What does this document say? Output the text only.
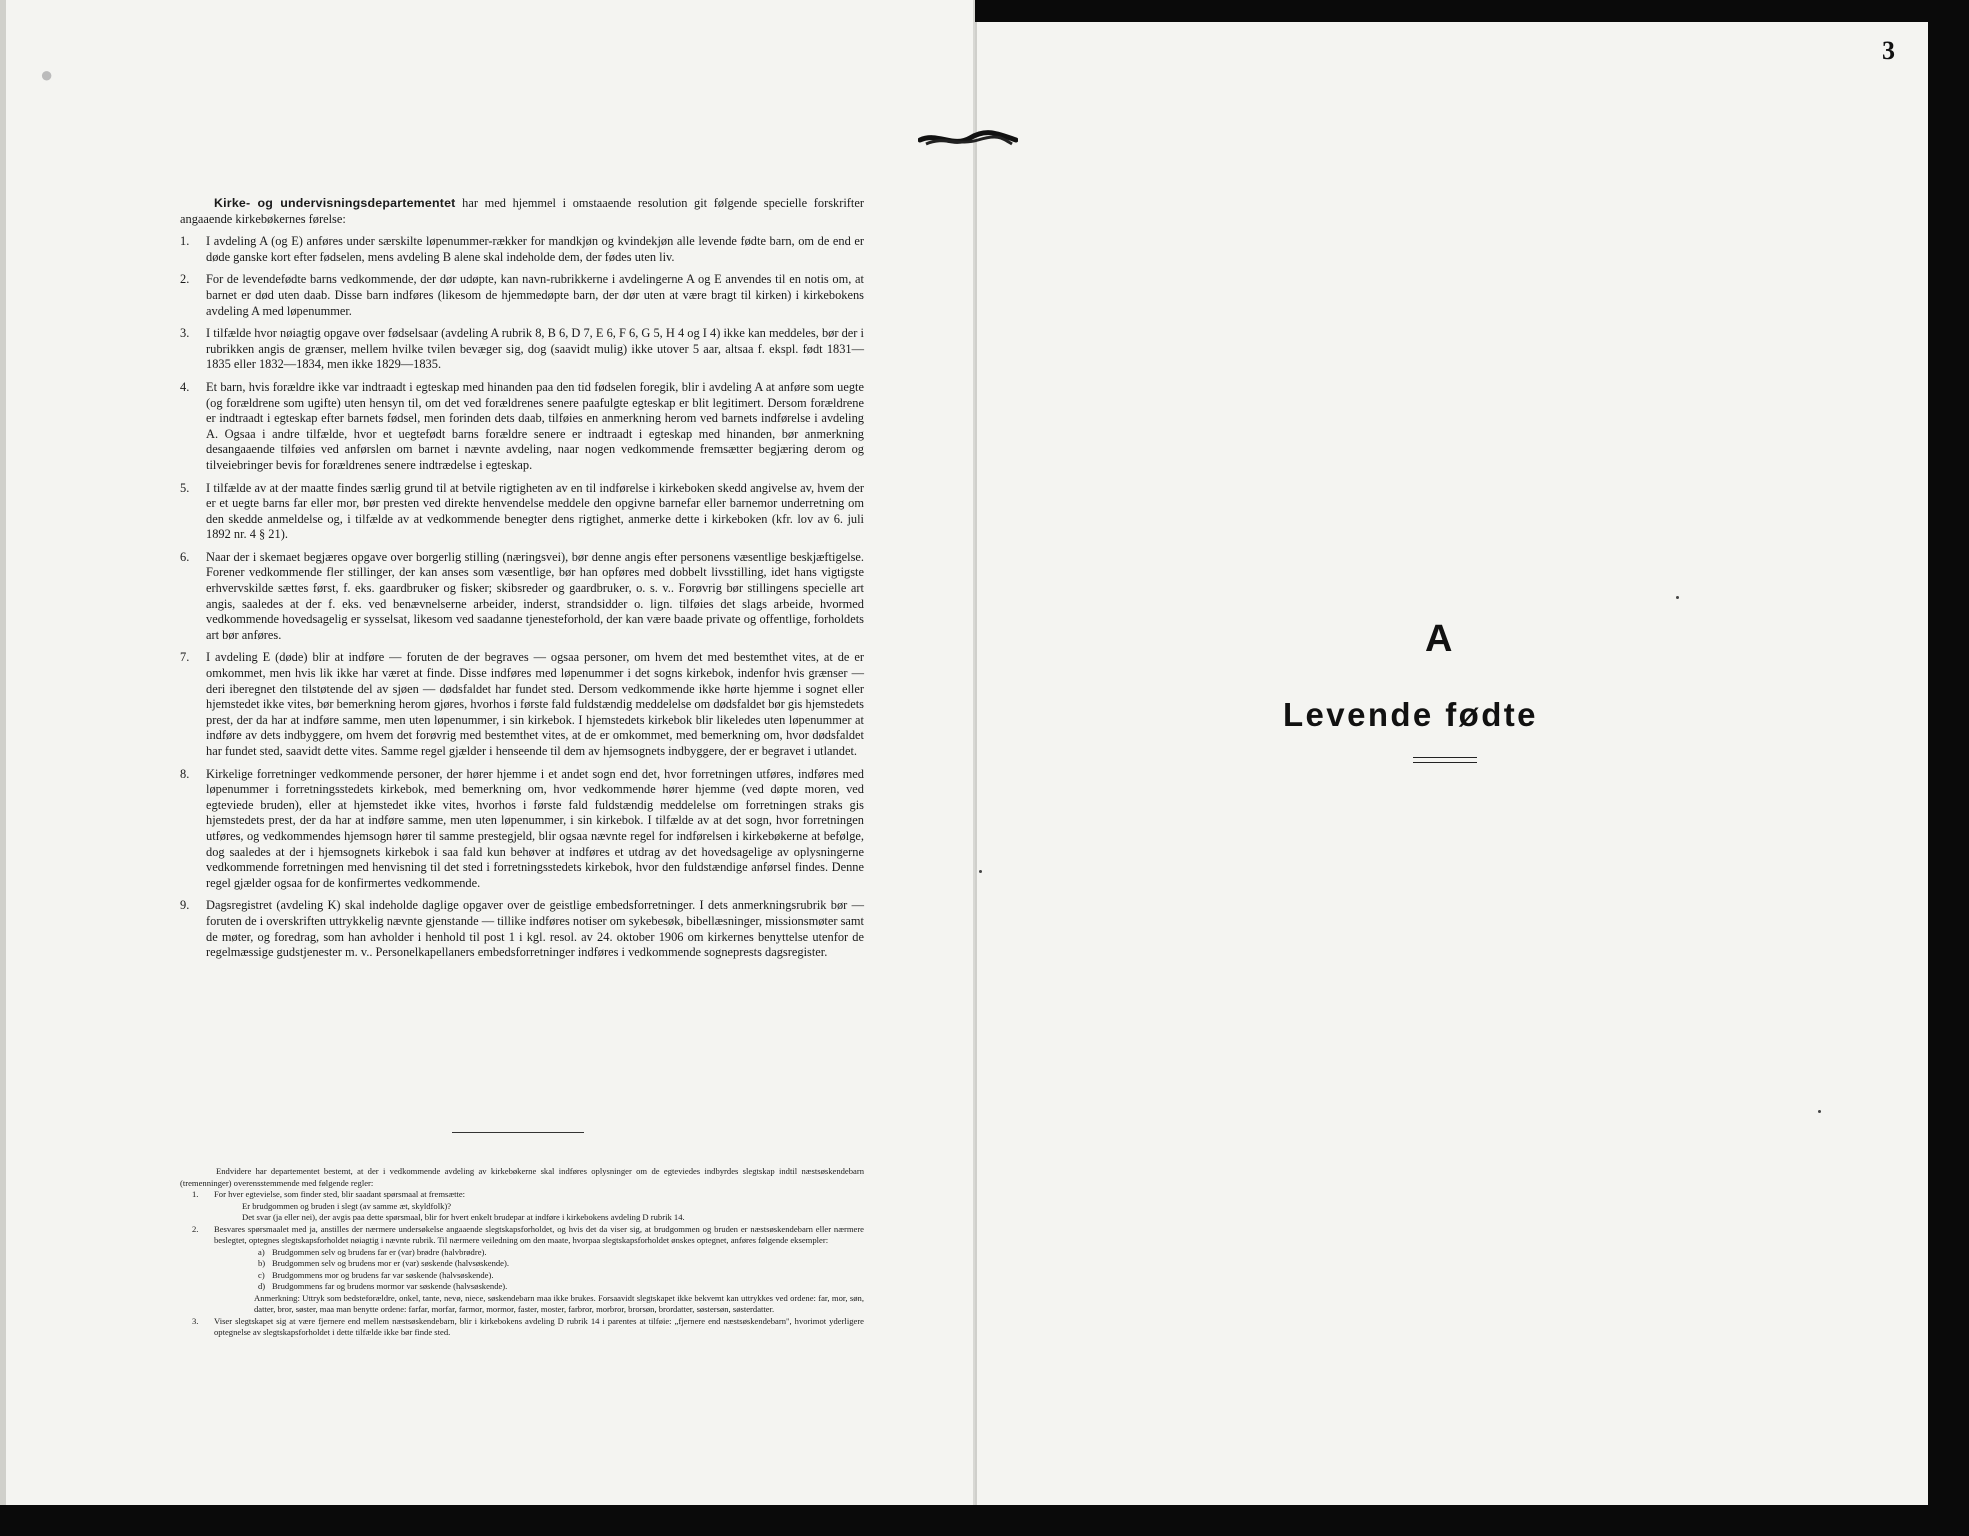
●
3

Kirke- og undervisningsdepartementet har med hjemmel i omstaaende resolution git følgende specielle forskrifter angaaende kirkebøkernes førelse:

1.	I avdeling A (og E) anføres under særskilte løpenummer-rækker for mandkjøn og kvindekjøn alle levende fødte barn, om de end er døde ganske kort efter fødselen, mens avdeling B alene skal indeholde dem, der fødes uten liv.
2.	For de levendefødte barns vedkommende, der dør udøpte, kan navn-rubrikkerne i avdelingerne A og E anvendes til en notis om, at barnet er død uten daab. Disse barn indføres (likesom de hjemmedøpte barn, der dør uten at være bragt til kirken) i kirkebokens avdeling A med løpenummer.
3.	I tilfælde hvor nøiagtig opgave over fødselsaar (avdeling A rubrik 8, B 6, D 7, E 6, F 6, G 5, H 4 og I 4) ikke kan meddeles, bør der i rubrikken angis de grænser, mellem hvilke tvilen bevæger sig, dog (saavidt mulig) ikke utover 5 aar, altsaa f. ekspl. født 1831—1835 eller 1832—1834, men ikke 1829—1835.
4.	Et barn, hvis forældre ikke var indtraadt i egteskap med hinanden paa den tid fødselen foregik, blir i avdeling A at anføre som uegte (og forældrene som ugifte) uten hensyn til, om det ved forældrenes senere paafulgte egteskap er blit legitimert. Dersom forældrene er indtraadt i egteskap efter barnets fødsel, men forinden dets daab, tilføies en anmerkning herom ved barnets indførelse i avdeling A. Ogsaa i andre tilfælde, hvor et uegtefødt barns forældre senere er indtraadt i egteskap med hinanden, bør anmerkning desangaaende tilføies ved anførslen om barnet i nævnte avdeling, naar nogen vedkommende fremsætter begjæring derom og tilveiebringer bevis for forældrenes senere indtrædelse i egteskap.
5.	I tilfælde av at der maatte findes særlig grund til at betvile rigtigheten av en til indførelse i kirkeboken skedd angivelse av, hvem der er et uegte barns far eller mor, bør presten ved direkte henvendelse meddele den opgivne barnefar eller barnemor underretning om den skedde anmeldelse og, i tilfælde av at vedkommende benegter dens rigtighet, anmerke dette i kirkeboken (kfr. lov av 6. juli 1892 nr. 4 § 21).
6.	Naar der i skemaet begjæres opgave over borgerlig stilling (næringsvei), bør denne angis efter personens væsentlige beskjæftigelse. Forener vedkommende fler stillinger, der kan anses som væsentlige, bør han opføres med dobbelt livsstilling, idet hans vigtigste erhvervskilde sættes først, f. eks. gaardbruker og fisker; skibsreder og gaardbruker, o. s. v.. Forøvrig bør stillingens specielle art angis, saaledes at der f. eks. ved benævnelserne arbeider, inderst, strandsidder o. lign. tilføies det slags arbeide, hvormed vedkommende hovedsagelig er sysselsat, likesom ved saadanne tjenesteforhold, der kan være baade private og offentlige, forholdets art bør anføres.
7.	I avdeling E (døde) blir at indføre — foruten de der begraves — ogsaa personer, om hvem det med bestemthet vites, at de er omkommet, men hvis lik ikke har været at finde. Disse indføres med løpenummer i det sogns kirkebok, indenfor hvis grænser — deri iberegnet den tilstøtende del av sjøen — dødsfaldet har fundet sted. Dersom vedkommende ikke hørte hjemme i sognet eller hjemstedet ikke vites, bør bemerkning herom gjøres, hvorhos i første fald fuldstændig meddelelse om dødsfaldet bør gis hjemstedets prest, der da har at indføre samme, men uten løpenummer, i sin kirkebok. I hjemstedets kirkebok blir likeledes uten løpenummer at indføre av dets indbyggere, om hvem det forøvrig med bestemthet vites, at de er omkommet, med bemerkning om, hvor dødsfaldet har fundet sted, saavidt dette vites. Samme regel gjælder i henseende til dem av hjemsognets indbyggere, der er begravet i utlandet.
8.	Kirkelige forretninger vedkommende personer, der hører hjemme i et andet sogn end det, hvor forretningen utføres, indføres med løpenummer i forretningsstedets kirkebok, med bemerkning om, hvor vedkommende hører hjemme (ved døpte moren, ved egteviede bruden), eller at hjemstedet ikke vites, hvorhos i første fald fuldstændig meddelelse om forretningen straks gis hjemstedets prest, der da har at indføre samme, men uten løpenummer, i sin kirkebok. I tilfælde av at det sogn, hvor forretningen utføres, og vedkommendes hjemsogn hører til samme prestegjeld, blir ogsaa nævnte regel for indførelsen i kirkebøkerne at befølge, dog saaledes at der i hjemsognets kirkebok i saa fald kun behøver at indføres et utdrag av det hovedsagelige av oplysningerne vedkommende forretningen med henvisning til det sted i forretningsstedets kirkebok, hvor den fuldstændige anførsel findes. Denne regel gjælder ogsaa for de konfirmertes vedkommende.
9.	Dagsregistret (avdeling K) skal indeholde daglige opgaver over de geistlige embedsforretninger. I dets anmerkningsrubrik bør — foruten de i overskriften uttrykkelig nævnte gjenstande — tillike indføres notiser om sykebesøk, bibellæsninger, missionsmøter samt de møter, og foredrag, som han avholder i henhold til post 1 i kgl. resol. av 24. oktober 1906 om kirkernes benyttelse utenfor de regelmæssige gudstjenester m. v.. Personelkapellaners embedsforretninger indføres i vedkommende sogneprests dagsregister.

Endvidere har departementet bestemt, at der i vedkommende avdeling av kirkebøkerne skal indføres oplysninger om de egteviedes indbyrdes slegtskap indtil næstsøskendebarn (tremenninger) overensstemmende med følgende regler:

1.	For hver egtevielse, som finder sted, blir saadant spørsmaal at fremsætte:

Er brudgommen og bruden i slegt (av samme æt, skyldfolk)?

Det svar (ja eller nei), der avgis paa dette spørsmaal, blir for hvert enkelt brudepar at indføre i kirkebokens avdeling D rubrik 14.

2.	Besvares spørsmaalet med ja, anstilles der nærmere undersøkelse angaaende slegtskapsforholdet, og hvis det da viser sig, at brudgommen og bruden er næstsøskendebarn eller nærmere beslegtet, optegnes slegtskapsforholdet nøiagtig i nævnte rubrik. Til nærmere veiledning om den maate, hvorpaa slegtskapsforholdet ønskes optegnet, anføres følgende eksempler:
a) Brudgommen selv og brudens far er (var) brødre (halvbrødre).
b) Brudgommen selv og brudens mor er (var) søskende (halvsøskende).
c) Brudgommens mor og brudens far var søskende (halvsøskende).
d) Brudgommens far og brudens mormor var søskende (halvsøskende).

Anmerkning: Uttryk som bedsteforældre, onkel, tante, nevø, niece, søskendebarn maa ikke brukes. Forsaavidt slegtskapet ikke bekvemt kan uttrykkes ved ordene: far, mor, søn, datter, bror, søster, maa man benytte ordene: farfar, morfar, farmor, mormor, faster, moster, farbror, morbror, brorsøn, brordatter, søstersøn, søsterdatter.

3.	Viser slegtskapet sig at være fjernere end mellem næstsøskendebarn, blir i kirkebokens avdeling D rubrik 14 i parentes at tilføie: „fjernere end næstsøskendebarn", hvorimot yderligere optegnelse av slegtskapsforholdet i dette tilfælde ikke bør finde sted.
A
Levende fødte
